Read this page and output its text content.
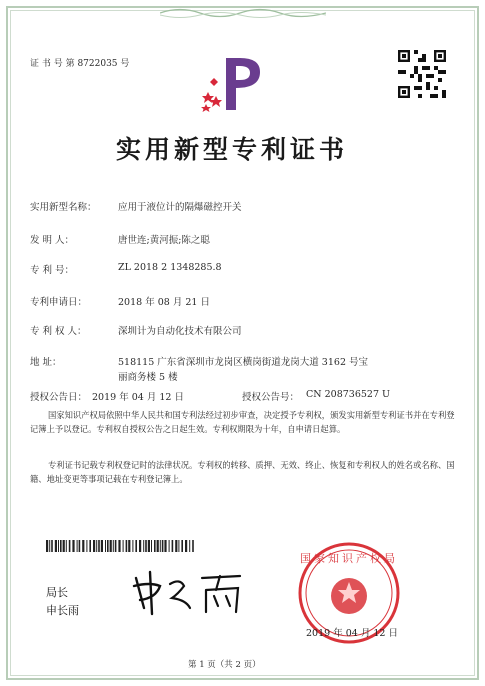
证 书 号 第 8722035 号
实用新型专利证书
实用新型名称： 应用于液位计的隔爆磁控开关
发 明 人：	唐世连;黄河振;陈之聪
专 利 号：	ZL 2018 2 1348285.8
专利申请日：	2018 年 08 月 21 日
专 利 权 人：	深圳计为自动化技术有限公司
地 址：	518115 广东省深圳市龙岗区横岗街道龙岗大道 3162 号宝
丽商务楼 5 楼
授权公告日： 2019 年 04 月 12 日	授权公告号： CN 208736527 U
国家知识产权局依照中华人民共和国专利法经过初步审查，决定授予专利权，颁发实用新型专利证书并在专利登记簿上予以登记。专利权自授权公告之日起生效。专利权期限为十年，自申请日起算。
专利证书记载专利权登记时的法律状况。专利权的转移、质押、无效、终止、恢复和专利权人的姓名或名称、国籍、地址变更等事项记载在专利登记簿上。
局长
申长雨
国家知识产权局
2019 年 04 月 12 日
第 1 页（共 2 页）
